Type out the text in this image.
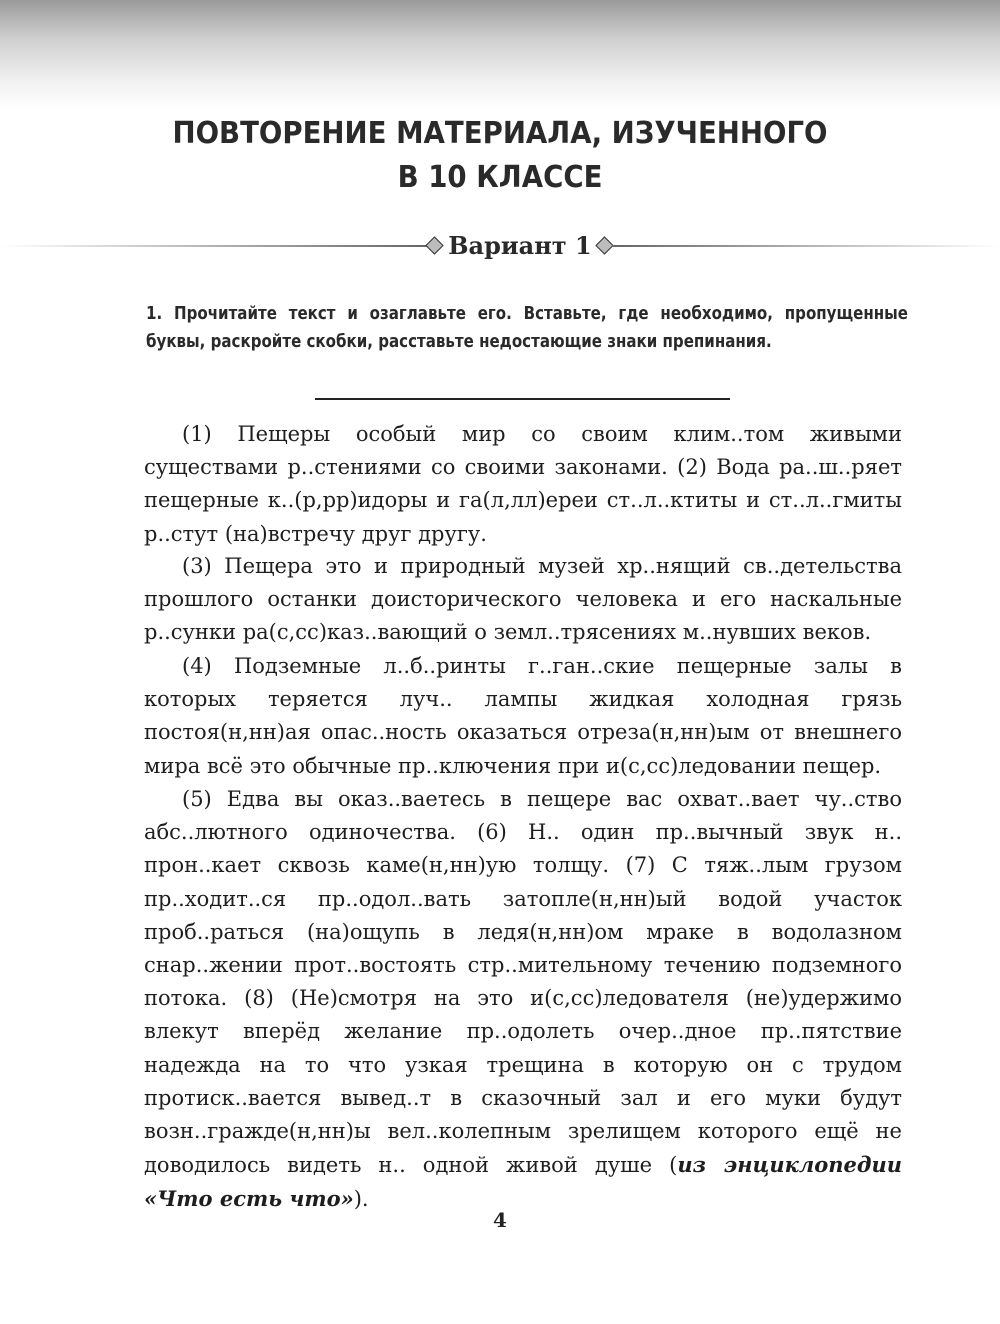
ПОВТОРЕНИЕ МАТЕРИАЛА, ИЗУЧЕННОГО
В 10 КЛАССЕ
Вариант 1
1. Прочитайте текст и озаглавьте его. Вставьте, где необходимо, пропущенные буквы, раскройте скобки, расставьте недостающие знаки препинания.

(1) Пещеры особый мир со своим клим..том живыми существами р..стениями со своими законами. (2) Вода ра..ш..ряет пещерные к..(р,рр)идоры и га(л,лл)ереи ст..л..ктиты и ст..л..гмиты р..стут (на)встречу друг другу.

(3) Пещера это и природный музей хр..нящий св..детельства прошлого останки доисторического человека и его наскальные р..сунки ра(с,сс)каз..вающий о земл..трясениях м..нувших веков.

(4) Подземные л..б..ринты г..ган..ские пещерные залы в которых теряется луч.. лампы жидкая холодная грязь постоя(н,нн)ая опас..ность оказаться отреза(н,нн)ым от внешнего мира всё это обычные пр..ключения при и(с,сс)ледовании пещер.

(5) Едва вы оказ..ваетесь в пещере вас охват..вает чу..ство абс..лютного одиночества. (6) Н.. один пр..вычный звук н.. прон..кает сквозь каме(н,нн)ую толщу. (7) С тяж..лым грузом пр..ходит..ся пр..одол..вать затопле(н,нн)ый водой участок проб..раться (на)ощупь в ледя(н,нн)ом мраке в водолазном снар..жении прот..востоять стр..мительному течению подземного потока. (8) (Не)смотря на это и(с,сс)ледователя (не)удержимо влекут вперёд желание пр..одолеть очер..дное пр..пятствие надежда на то что узкая трещина в которую он с трудом протиск..вается вывед..т в сказочный зал и его муки будут возн..гражде(н,нн)ы вел..колепным зрелищем которого ещё не доводилось видеть н.. одной живой душе (из энциклопедии «Что есть что»).

4
